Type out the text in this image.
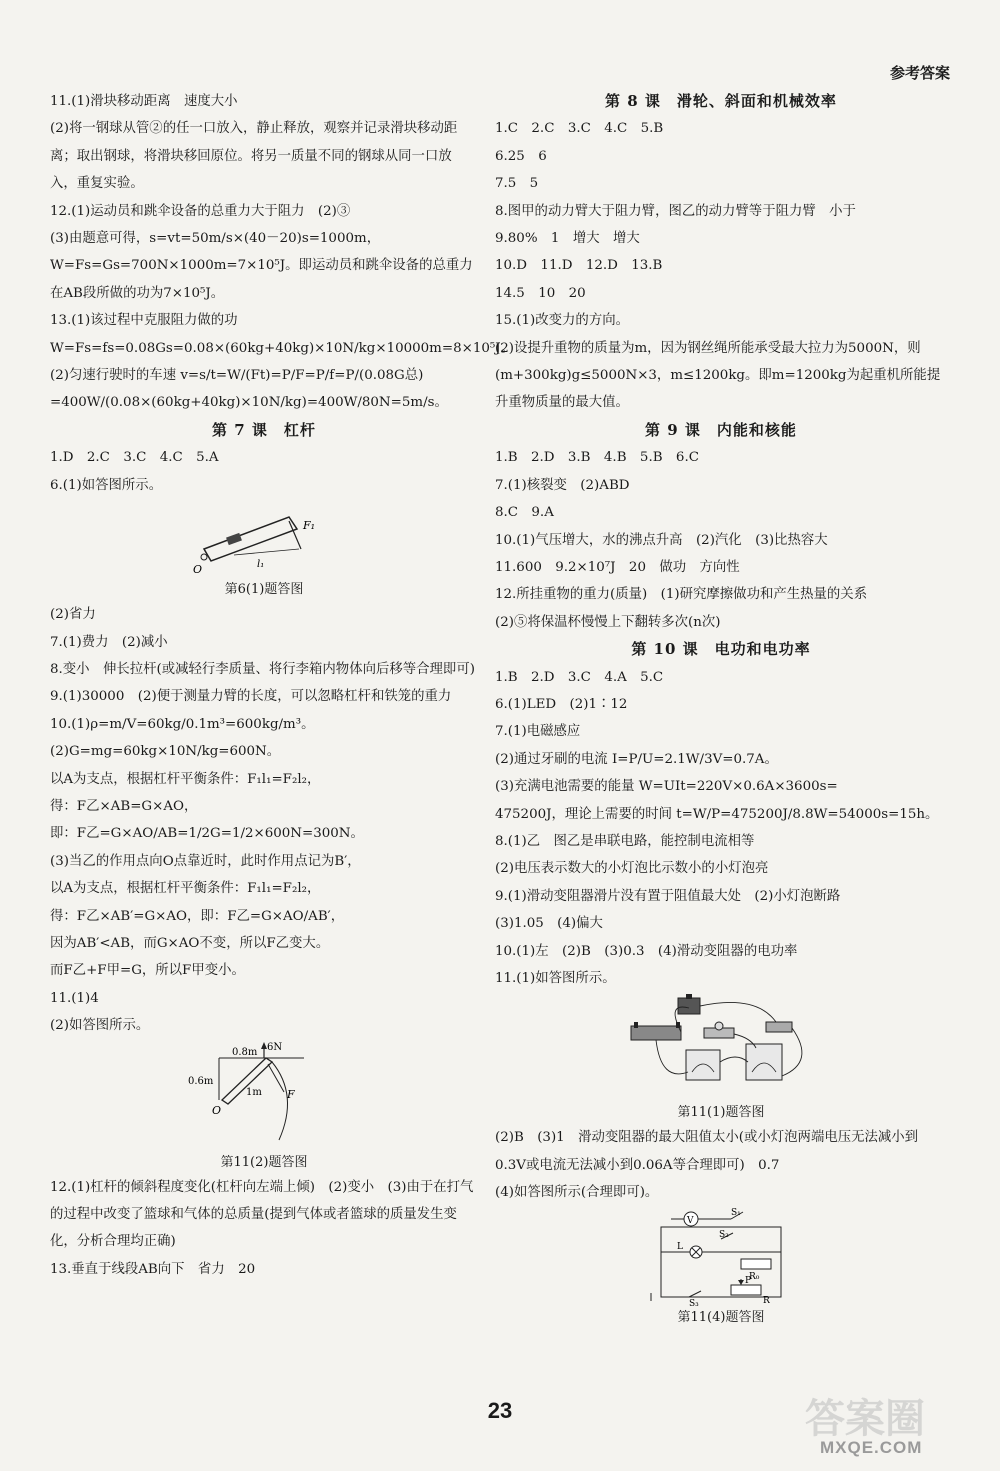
参考答案
11.(1)滑块移动距离　速度大小
(2)将一钢球从管②的任一口放入，静止释放，观察并记录滑块移动距离；取出钢球，将滑块移回原位。将另一质量不同的钢球从同一口放入，重复实验。
12.(1)运动员和跳伞设备的总重力大于阻力　(2)③
(3)由题意可得，s=vt=50m/s×(40－20)s=1000m，W=Fs=Gs=700N×1000m=7×10⁵J。即运动员和跳伞设备的总重力在AB段所做的功为7×10⁵J。
13.(1)该过程中克服阻力做的功 W=Fs=fs=0.08Gs=0.08×(60kg+40kg)×10N/kg×10000m=8×10⁵J。
(2)匀速行驶时的车速 v=s/t=W/(Ft)=P/F=P/f=P/(0.08G总)
=400W/(0.08×(60kg+40kg)×10N/kg)=400W/80N=5m/s。
第 7 课　杠杆
1.D　2.C　3.C　4.C　5.A
6.(1)如答图所示。
O
F₁
l₁
第6(1)题答图
(2)省力
7.(1)费力　(2)减小
8.变小　伸长拉杆(或减轻行李质量、将行李箱内物体向后移等合理即可)
9.(1)30000　(2)便于测量力臂的长度，可以忽略杠杆和铁笼的重力
10.(1)ρ=m/V=60kg/0.1m³=600kg/m³。
(2)G=mg=60kg×10N/kg=600N。
以A为支点，根据杠杆平衡条件：F₁l₁=F₂l₂，
得：F乙×AB=G×AO，
即：F乙=G×AO/AB=1/2G=1/2×600N=300N。
(3)当乙的作用点向O点靠近时，此时作用点记为B′，
以A为支点，根据杠杆平衡条件：F₁l₁=F₂l₂，
得：F乙×AB′=G×AO，即：F乙=G×AO/AB′，
因为AB′<AB，而G×AO不变，所以F乙变大。
而F乙+F甲=G，所以F甲变小。
11.(1)4
(2)如答图所示。
6N
0.8m
0.6m
1m
O
F
第11(2)题答图
12.(1)杠杆的倾斜程度变化(杠杆向左端上倾)　(2)变小　(3)由于在打气的过程中改变了篮球和气体的总质量(提到气体或者篮球的质量发生变化，分析合理均正确)
13.垂直于线段AB向下　省力　20
第 8 课　滑轮、斜面和机械效率
1.C　2.C　3.C　4.C　5.B
6.25　6
7.5　5
8.图甲的动力臂大于阻力臂，图乙的动力臂等于阻力臂　小于
9.80%　1　增大　增大
10.D　11.D　12.D　13.B
14.5　10　20
15.(1)改变力的方向。
(2)设提升重物的质量为m，因为钢丝绳所能承受最大拉力为5000N，则(m+300kg)g≤5000N×3，m≤1200kg。即m=1200kg为起重机所能提升重物质量的最大值。
第 9 课　内能和核能
1.B　2.D　3.B　4.B　5.B　6.C
7.(1)核裂变　(2)ABD
8.C　9.A
10.(1)气压增大，水的沸点升高　(2)汽化　(3)比热容大
11.600　9.2×10⁷J　20　做功　方向性
12.所挂重物的重力(质量)　(1)研究摩擦做功和产生热量的关系
(2)⑤将保温杯慢慢上下翻转多次(n次)
第 10 课　电功和电功率
1.B　2.D　3.C　4.A　5.C
6.(1)LED　(2)1∶12
7.(1)电磁感应
(2)通过牙刷的电流 I=P/U=2.1W/3V=0.7A。
(3)充满电池需要的能量 W=UIt=220V×0.6A×3600s=
475200J，理论上需要的时间 t=W/P=475200J/8.8W=54000s=15h。
8.(1)乙　图乙是串联电路，能控制电流相等
(2)电压表示数大的小灯泡比示数小的小灯泡亮
9.(1)滑动变阻器滑片没有置于阻值最大处　(2)小灯泡断路
(3)1.05　(4)偏大
10.(1)左　(2)B　(3)0.3　(4)滑动变阻器的电功率
11.(1)如答图所示。
第11(1)题答图
(2)B　(3)1　滑动变阻器的最大阻值太小(或小灯泡两端电压无法减小到0.3V或电流无法减小到0.06A等合理即可)　0.7
(4)如答图所示(合理即可)。
V
S₁
S₂
S₃
L
R₀
P
R
第11(4)题答图
23	答案圈
MXQE.COM
